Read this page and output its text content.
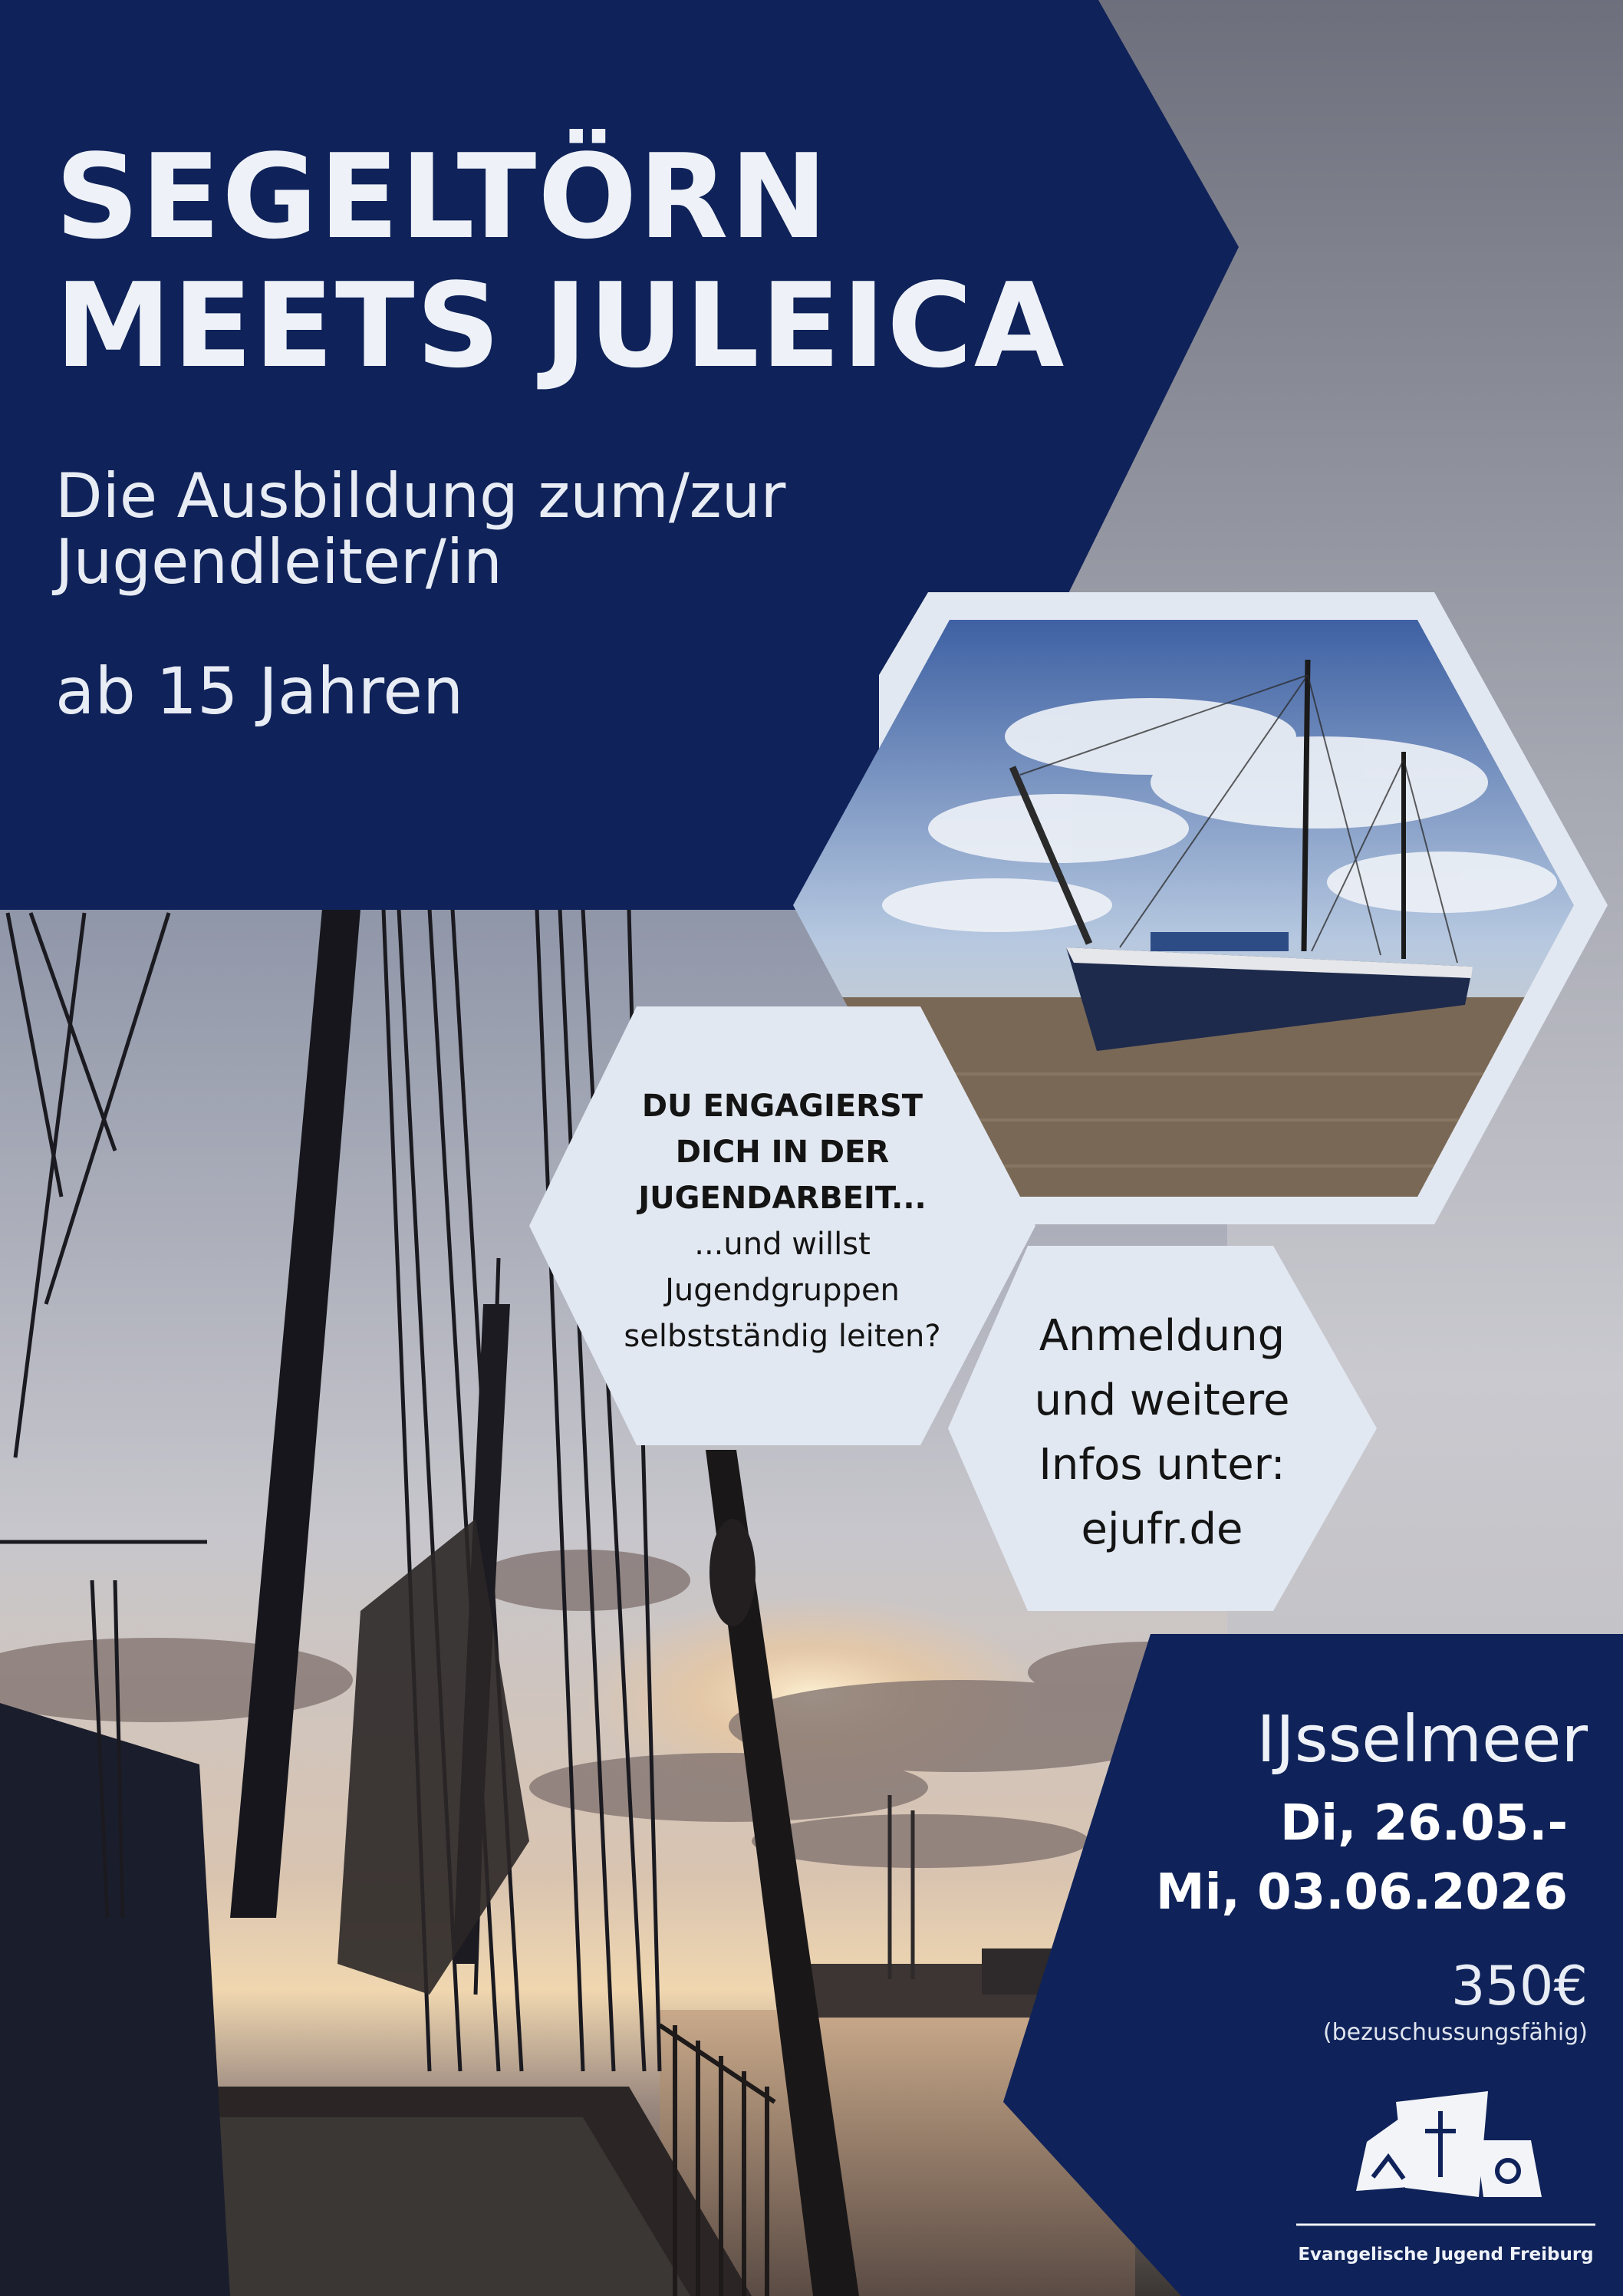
SEGELTÖRN
MEETS JULEICA
Die Ausbildung zum/zur
Jugendleiter/in
ab 15 Jahren
DU ENGAGIERST
DICH IN DER
JUGENDARBEIT...
...und willst
Jugendgruppen
selbstständig leiten?	Anmeldung
und weitere
Infos unter:
ejufr.de
IJsselmeer
Di, 26.05.-
Mi, 03.06.2026
350€
(bezuschussungsfähig)
Evangelische Jugend Freiburg
